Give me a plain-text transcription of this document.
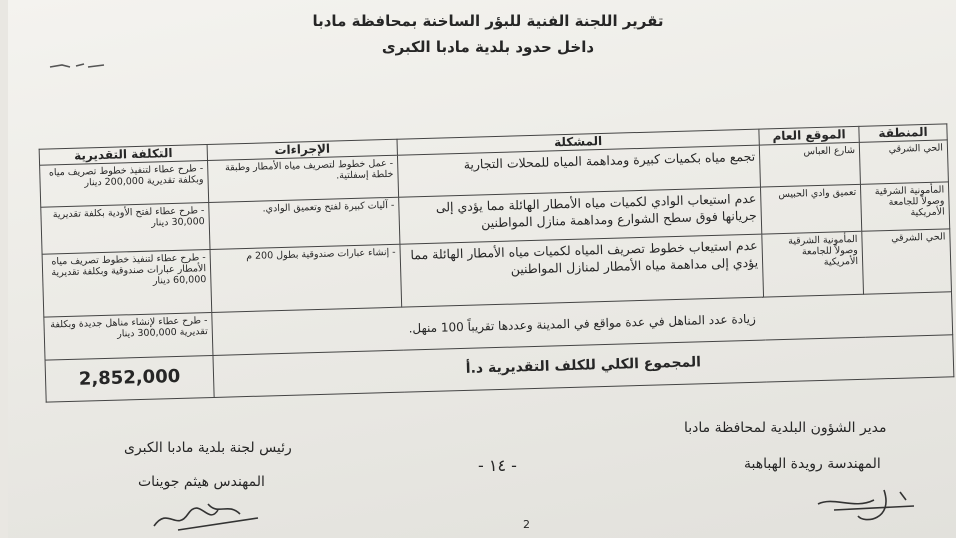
تقرير اللجنة الفنية للبؤر الساخنة بمحافظة مادبا
داخل حدود بلدية مادبا الكبرى
المنطقة	الموقع العام	المشكلة	الإجراءات	التكلفة التقديرية
الحي الشرقي	شارع العباس	تجمع مياه بكميات كبيرة ومداهمة المياه للمحلات التجارية	- عمل خطوط لتصريف مياه الأمطار وطبقة خلطة إسفلتية.	- طرح عطاء لتنفيذ خطوط تصريف مياه وبكلفة تقديرية 200,000 دينار
المأمونية الشرقية وصولاً للجامعة الأمريكية	تعميق وادي الحبيس	عدم استيعاب الوادي لكميات مياه الأمطار الهائلة مما يؤدي إلى جريانها فوق سطح الشوارع ومداهمة منازل المواطنين	- آليات كبيرة لفتح وتعميق الوادي.	- طرح عطاء لفتح الأودية بكلفة تقديرية 30,000 دينار
الحي الشرقي	المأمونية الشرقية وصولاً للجامعة الأمريكية	عدم استيعاب خطوط تصريف المياه لكميات مياه الأمطار الهائلة مما يؤدي إلى مداهمة مياه الأمطار لمنازل المواطنين	- إنشاء عبارات صندوقية بطول 200 م	- طرح عطاء لتنفيذ خطوط تصريف مياه الأمطار عبارات صندوقية وبكلفة تقديرية 60,000 دينار
زيادة عدد المناهل في عدة مواقع في المدينة وعددها تقريباً 100 منهل.				- طرح عطاء لإنشاء مناهل جديدة وبكلفة تقديرية 300,000 دينار
المجموع الكلي للكلف التقديرية د.أ				2,852,000
رئيس لجنة بلدية مادبا الكبرى
المهندس هيثم جوينات
مدير الشؤون البلدية لمحافظة مادبا
المهندسة رويدة الهباهبة
- ١٤ -
2
